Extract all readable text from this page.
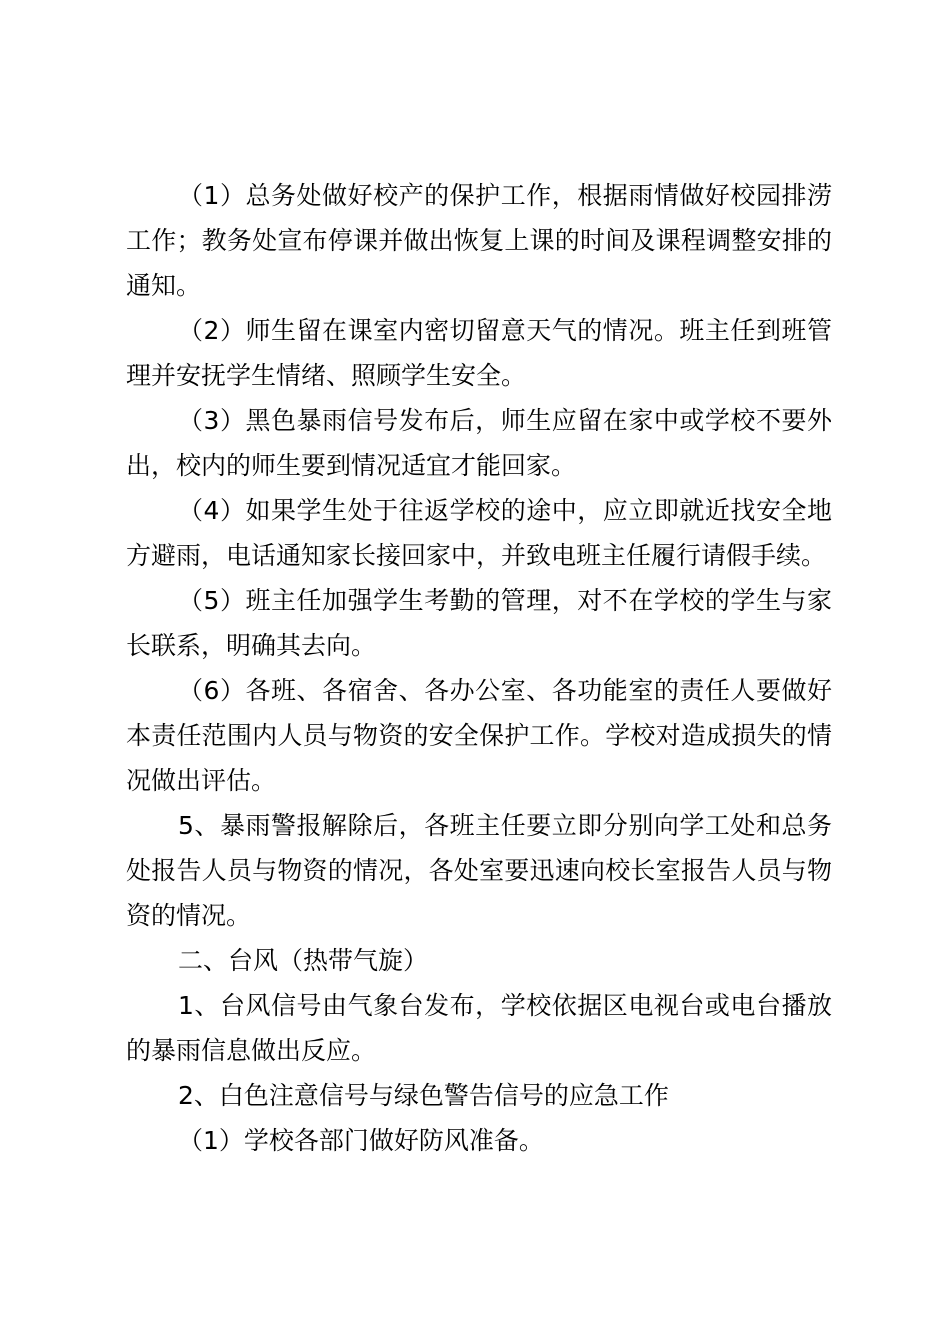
（1）总务处做好校产的保护工作，根据雨情做好校园排涝工作；教务处宣布停课并做出恢复上课的时间及课程调整安排的通知。

（2）师生留在课室内密切留意天气的情况。班主任到班管理并安抚学生情绪、照顾学生安全。

（3）黑色暴雨信号发布后，师生应留在家中或学校不要外出，校内的师生要到情况适宜才能回家。

（4）如果学生处于往返学校的途中，应立即就近找安全地方避雨，电话通知家长接回家中，并致电班主任履行请假手续。

（5）班主任加强学生考勤的管理，对不在学校的学生与家长联系，明确其去向。

（6）各班、各宿舍、各办公室、各功能室的责任人要做好本责任范围内人员与物资的安全保护工作。学校对造成损失的情况做出评估。

5、暴雨警报解除后，各班主任要立即分别向学工处和总务处报告人员与物资的情况，各处室要迅速向校长室报告人员与物资的情况。

二、台风（热带气旋）

1、台风信号由气象台发布，学校依据区电视台或电台播放的暴雨信息做出反应。

2、白色注意信号与绿色警告信号的应急工作

（1）学校各部门做好防风准备。
